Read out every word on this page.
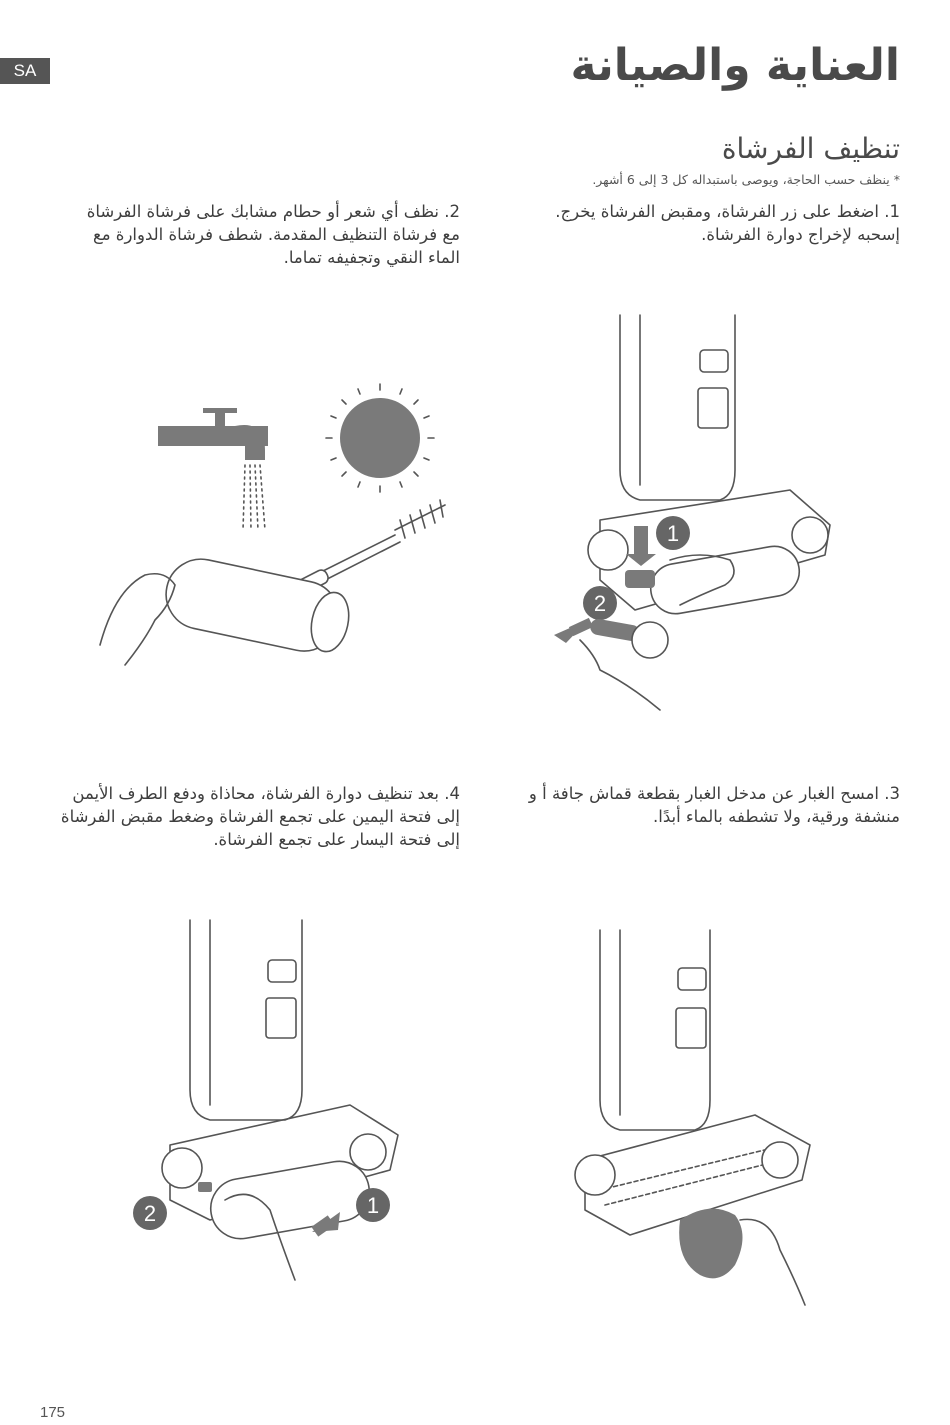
SA	العناية والصيانة
تنظيف الفرشاة
* ينظف حسب الحاجة، ويوصى باستبداله كل 3 إلى 6 أشهر.
1. اضغط على زر الفرشاة، ومقبض الفرشاة يخرج. إسحبه لإخراج دوارة الفرشاة.
2. نظف أي شعر أو حطام مشابك على فرشاة الفرشاة مع فرشاة التنظيف المقدمة. شطف فرشاة الدوارة مع الماء النقي وتجفيفه تماما.
3. امسح الغبار عن مدخل الغبار بقطعة قماش جافة أ و منشفة ورقية، ولا تشطفه بالماء أبدًا.
4. بعد تنظيف دوارة الفرشاة، محاذاة ودفع الطرف الأيمن إلى فتحة اليمين على تجمع الفرشاة وضغط مقبض الفرشاة إلى فتحة اليسار على تجمع الفرشاة.
1
2
1
2
175
